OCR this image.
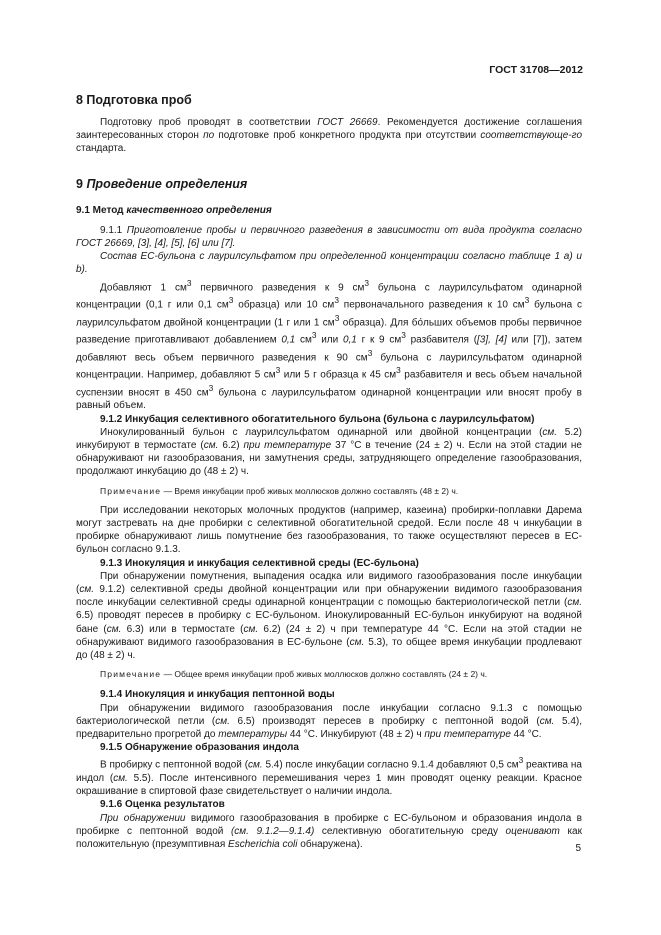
ГОСТ 31708—2012
8 Подготовка проб

Подготовку проб проводят в соответствии ГОСТ 26669. Рекомендуется достижение соглашения заинтересованных сторон по подготовке проб конкретного продукта при отсутствии соответствующе-го стандарта.

9 Проведение определения
9.1 Метод качественного определения

9.1.1 Приготовление пробы и первичного разведения в зависимости от вида продукта согласно ГОСТ 26669, [3], [4], [5], [6] или [7].

Состав ЕС-бульона с лаурилсульфатом при определенной концентрации согласно таблице 1 а) и b).

Добавляют 1 $см^3$ первичного разведения к 9 $см^3$ бульона с лаурилсульфатом одинарной концентрации (0,1 г или 0,1 $см^3$ образца) или 10 $см^3$ первоначального разведения к 10 $см^3$ бульона с лаурилсульфатом двойной концентрации (1 г или 1 $см^3$ образца). Для бо́льших объемов пробы первичное разведение приготавливают добавлением 0,1 $см^3$ или 0,1 г к 9 $см^3$ разбавителя ([3], [4] или [7]), затем добавляют весь объем первичного разведения к 90 $см^3$ бульона с лаурилсульфатом одинарной концентрации. Например, добавляют 5 $см^3$ или 5 г образца к 45 $см^3$ разбавителя и весь объем начальной суспензии вносят в 450 $см^3$ бульона с лаурилсульфатом одинарной концентрации или вносят пробу в равный объем.

9.1.2 Инкубация селективного обогатительного бульона (бульона с лаурилсульфатом)

Инокулированный бульон с лаурилсульфатом одинарной или двойной концентрации (см. 5.2) инкубируют в термостате (см. 6.2) при температуре 37 °С в течение (24 ± 2) ч. Если на этой стадии не обнаруживают ни газообразования, ни замутнения среды, затрудняющего определение газообразования, продолжают инкубацию до (48 ± 2) ч.

Примечание — Время инкубации проб живых моллюсков должно составлять (48 ± 2) ч.

При исследовании некоторых молочных продуктов (например, казеина) пробирки-поплавки Дарема могут застревать на дне пробирки с селективной обогатительной средой. Если после 48 ч инкубации в пробирке обнаруживают лишь помутнение без газообразования, то также осуществляют пересев в ЕС-бульон согласно 9.1.3.

9.1.3 Инокуляция и инкубация селективной среды (ЕС-бульона)

При обнаружении помутнения, выпадения осадка или видимого газообразования после инкубации (см. 9.1.2) селективной среды двойной концентрации или при обнаружении видимого газообразования после инкубации селективной среды одинарной концентрации с помощью бактериологической петли (см. 6.5) проводят пересев в пробирку с ЕС-бульоном. Инокулированный ЕС-бульон инкубируют на водяной бане (см. 6.3) или в термостате (см. 6.2) (24 ± 2) ч при температуре 44 °С. Если на этой стадии не обнаруживают видимого газообразования в ЕС-бульоне (см. 5.3), то общее время инкубации продлевают до (48 ± 2) ч.

Примечание — Общее время инкубации проб живых моллюсков должно составлять (24 ± 2) ч.

9.1.4 Инокуляция и инкубация пептонной воды

При обнаружении видимого газообразования после инкубации согласно 9.1.3 с помощью бактериологической петли (см. 6.5) производят пересев в пробирку с пептонной водой (см. 5.4), предварительно прогретой до температуры 44 °С. Инкубируют (48 ± 2) ч при температуре 44 °С.

9.1.5 Обнаружение образования индола

В пробирку с пептонной водой (см. 5.4) после инкубации согласно 9.1.4 добавляют 0,5 $см^3$ реактива на индол (см. 5.5). После интенсивного перемешивания через 1 мин проводят оценку реакции. Красное окрашивание в спиртовой фазе свидетельствует о наличии индола.

9.1.6 Оценка результатов

При обнаружении видимого газообразования в пробирке с ЕС-бульоном и образования индола в пробирке с пептонной водой (см. 9.1.2—9.1.4) селективную обогатительную среду оценивают как положительную (презумптивная Escherichia coli обнаружена).	5
